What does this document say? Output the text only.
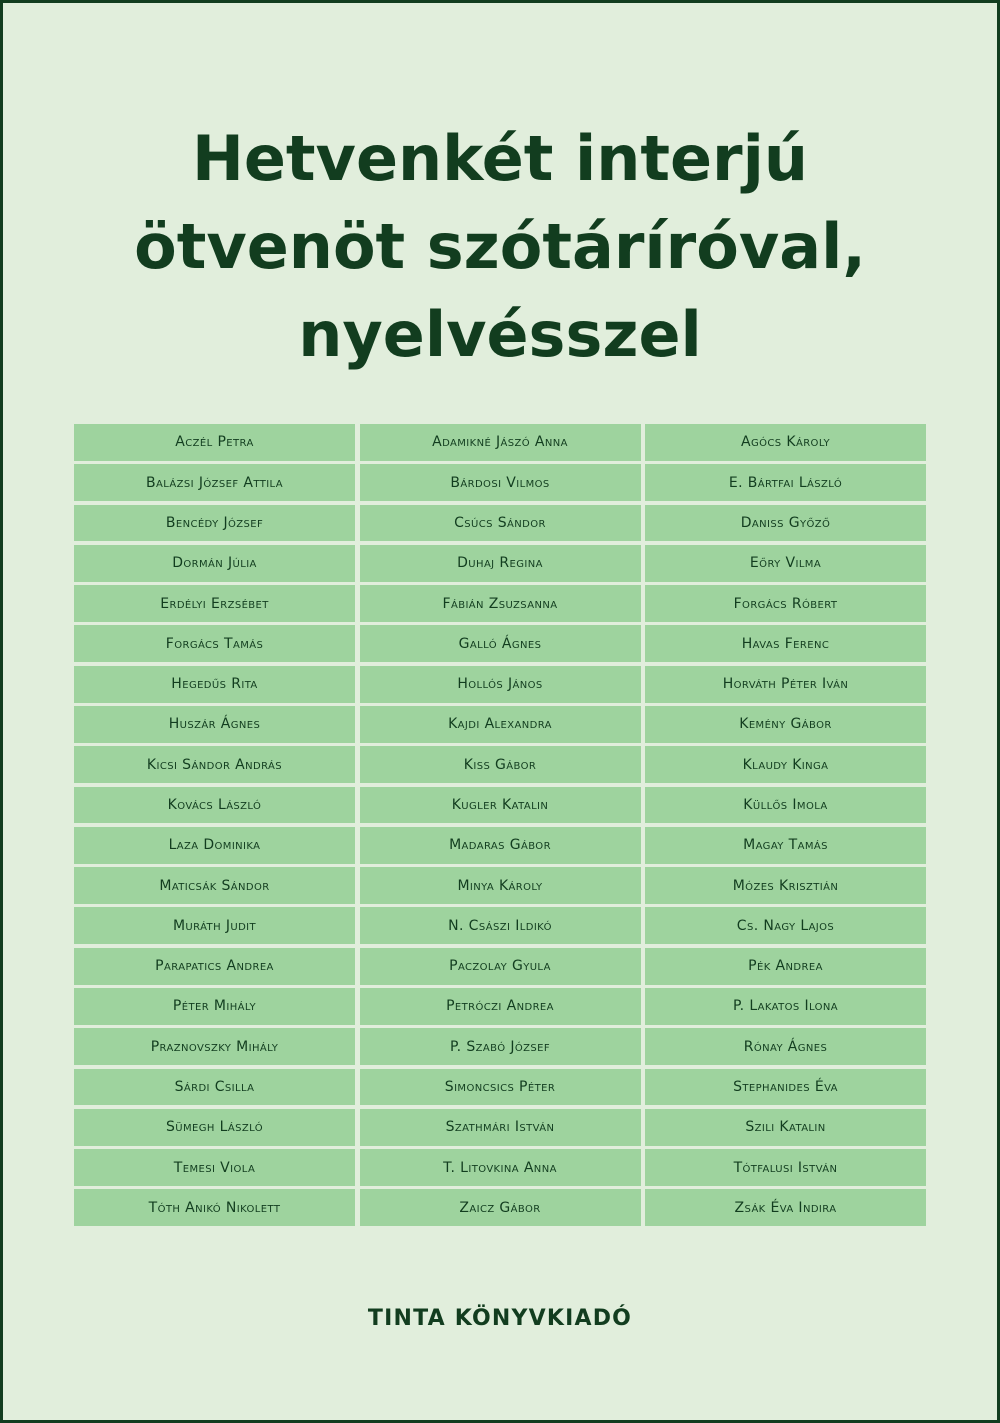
Hetvenkét interjú
ötvenöt szótáríróval,
nyelvésszel
Aczél Petra	Adamikné Jászó Anna	Agócs Károly
Balázsi József Attila	Bárdosi Vilmos	E. Bártfai László
Bencédy József	Csúcs Sándor	Daniss Győző
Dormán Júlia	Duhaj Regina	Eőry Vilma
Erdélyi Erzsébet	Fábián Zsuzsanna	Forgács Róbert
Forgács Tamás	Galló Ágnes	Havas Ferenc
Hegedűs Rita	Hollós János	Horváth Péter Iván
Huszár Ágnes	Kajdi Alexandra	Kemény Gábor
Kicsi Sándor András	Kiss Gábor	Klaudy Kinga
Kovács László	Kugler Katalin	Küllős Imola
Laza Dominika	Madaras Gábor	Magay Tamás
Maticsák Sándor	Minya Károly	Mózes Krisztián
Muráth Judit	N. Császi Ildikó	Cs. Nagy Lajos
Parapatics Andrea	Paczolay Gyula	Pék Andrea
Péter Mihály	Petróczi Andrea	P. Lakatos Ilona
Praznovszky Mihály	P. Szabó József	Rónay Ágnes
Sárdi Csilla	Simoncsics Péter	Stephanides Éva
Sümegh László	Szathmári István	Szili Katalin
Temesi Viola	T. Litovkina Anna	Tótfalusi István
Tóth Anikó Nikolett	Zaicz Gábor	Zsák Éva Indira
TINTA KÖNYVKIADÓ
